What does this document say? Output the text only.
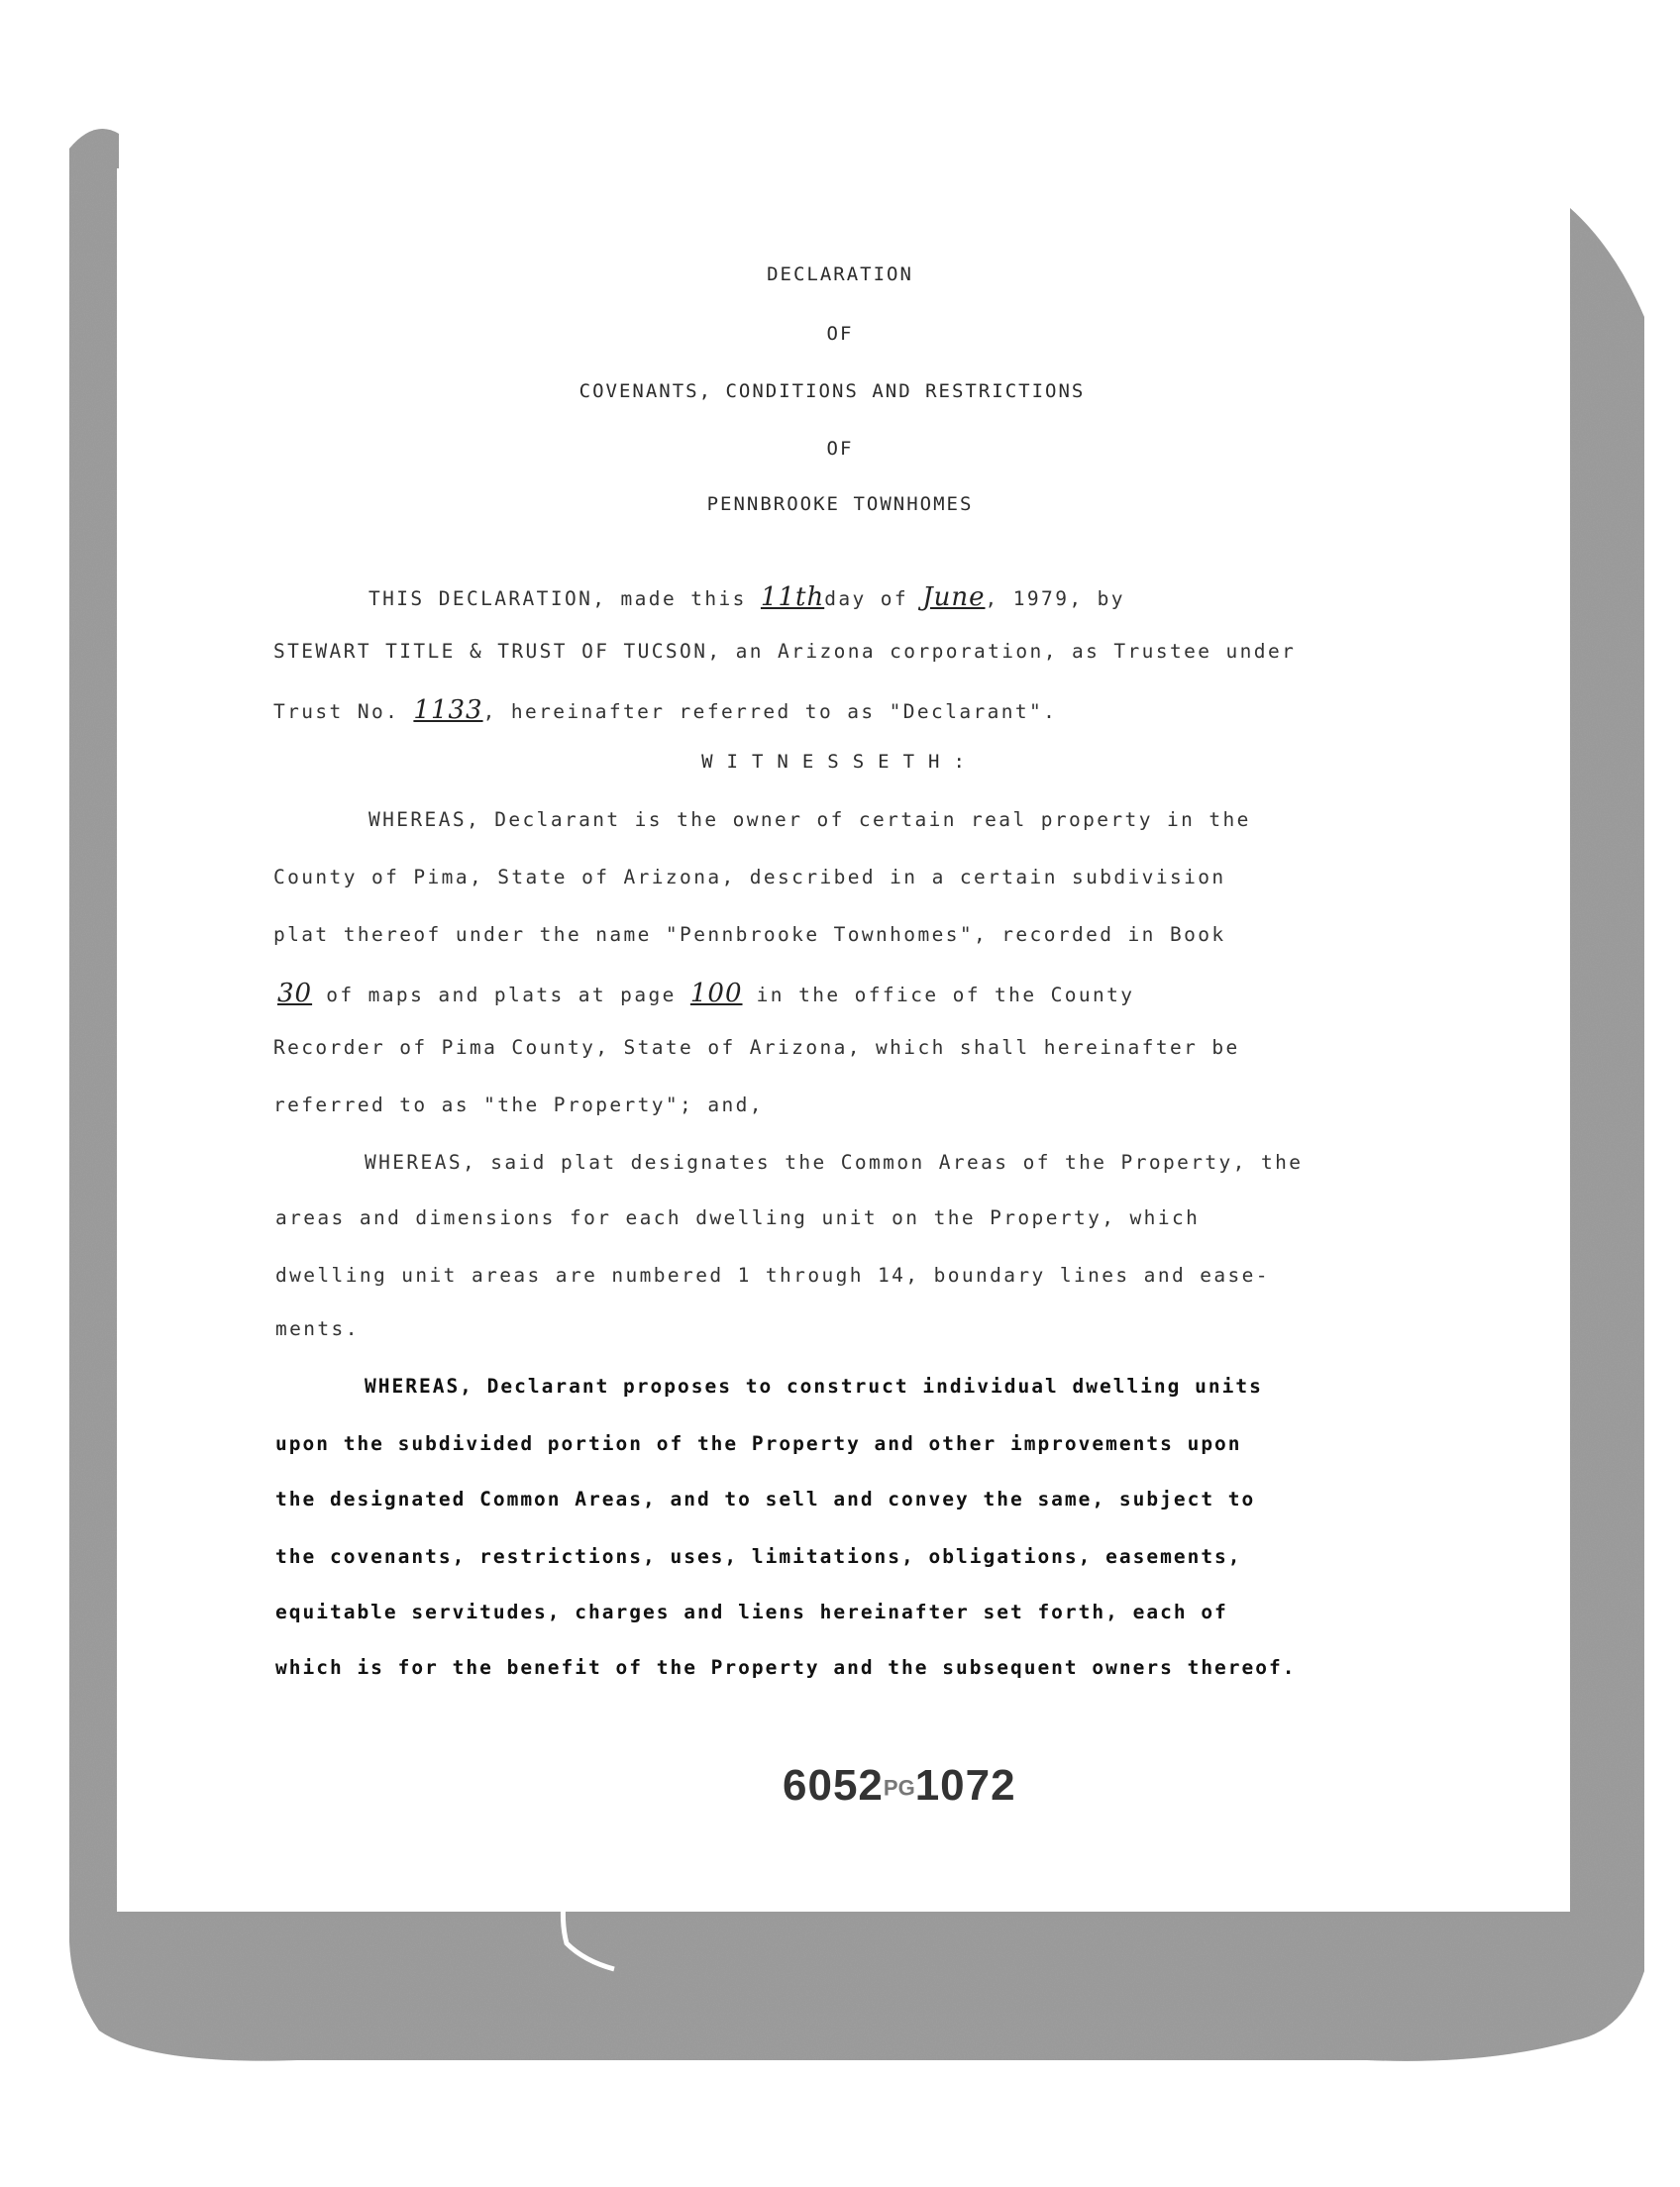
DECLARATION
OF
COVENANTS, CONDITIONS AND RESTRICTIONS
OF
PENNBROOKE TOWNHOMES
THIS DECLARATION, made this 11thday of June, 1979, by
STEWART TITLE & TRUST OF TUCSON, an Arizona corporation, as Trustee under
Trust No. 1133, hereinafter referred to as "Declarant".
WITNESSETH:
WHEREAS, Declarant is the owner of certain real property in the
County of Pima, State of Arizona, described in a certain subdivision
plat thereof under the name "Pennbrooke Townhomes", recorded in Book
30 of maps and plats at page 100 in the office of the County
Recorder of Pima County, State of Arizona, which shall hereinafter be
referred to as "the Property"; and,
WHEREAS, said plat designates the Common Areas of the Property, the
areas and dimensions for each dwelling unit on the Property, which
dwelling unit areas are numbered 1 through 14, boundary lines and ease-
ments.
WHEREAS, Declarant proposes to construct individual dwelling units
upon the subdivided portion of the Property and other improvements upon
the designated Common Areas, and to sell and convey the same, subject to
the covenants, restrictions, uses, limitations, obligations, easements,
equitable servitudes, charges and liens hereinafter set forth, each of
which is for the benefit of the Property and the subsequent owners thereof.
6052PG1072
